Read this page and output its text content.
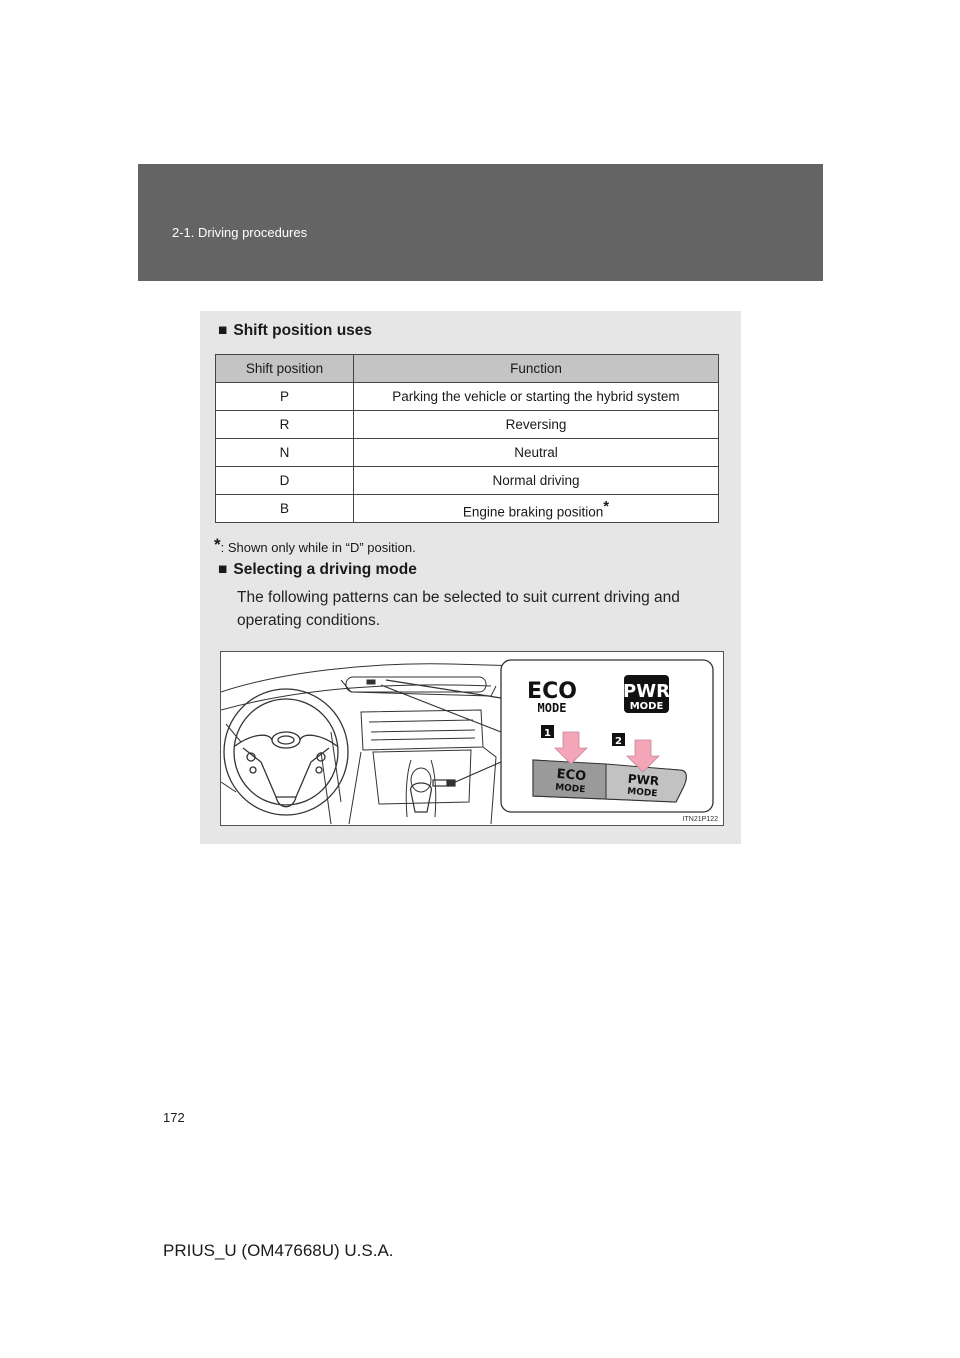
2-1. Driving procedures
■ Shift position uses
Shift position	Function
P	Parking the vehicle or starting the hybrid system
R	Reversing
N	Neutral
D	Normal driving
B	Engine braking position*
*: Shown only while in “D” position.
■ Selecting a driving mode
The following patterns can be selected to suit current driving and operating conditions.
ECO
MODE
PWR
MODE
1
2
ECO
MODE
PWR
MODE
ITN21P122
172
PRIUS_U (OM47668U) U.S.A.
